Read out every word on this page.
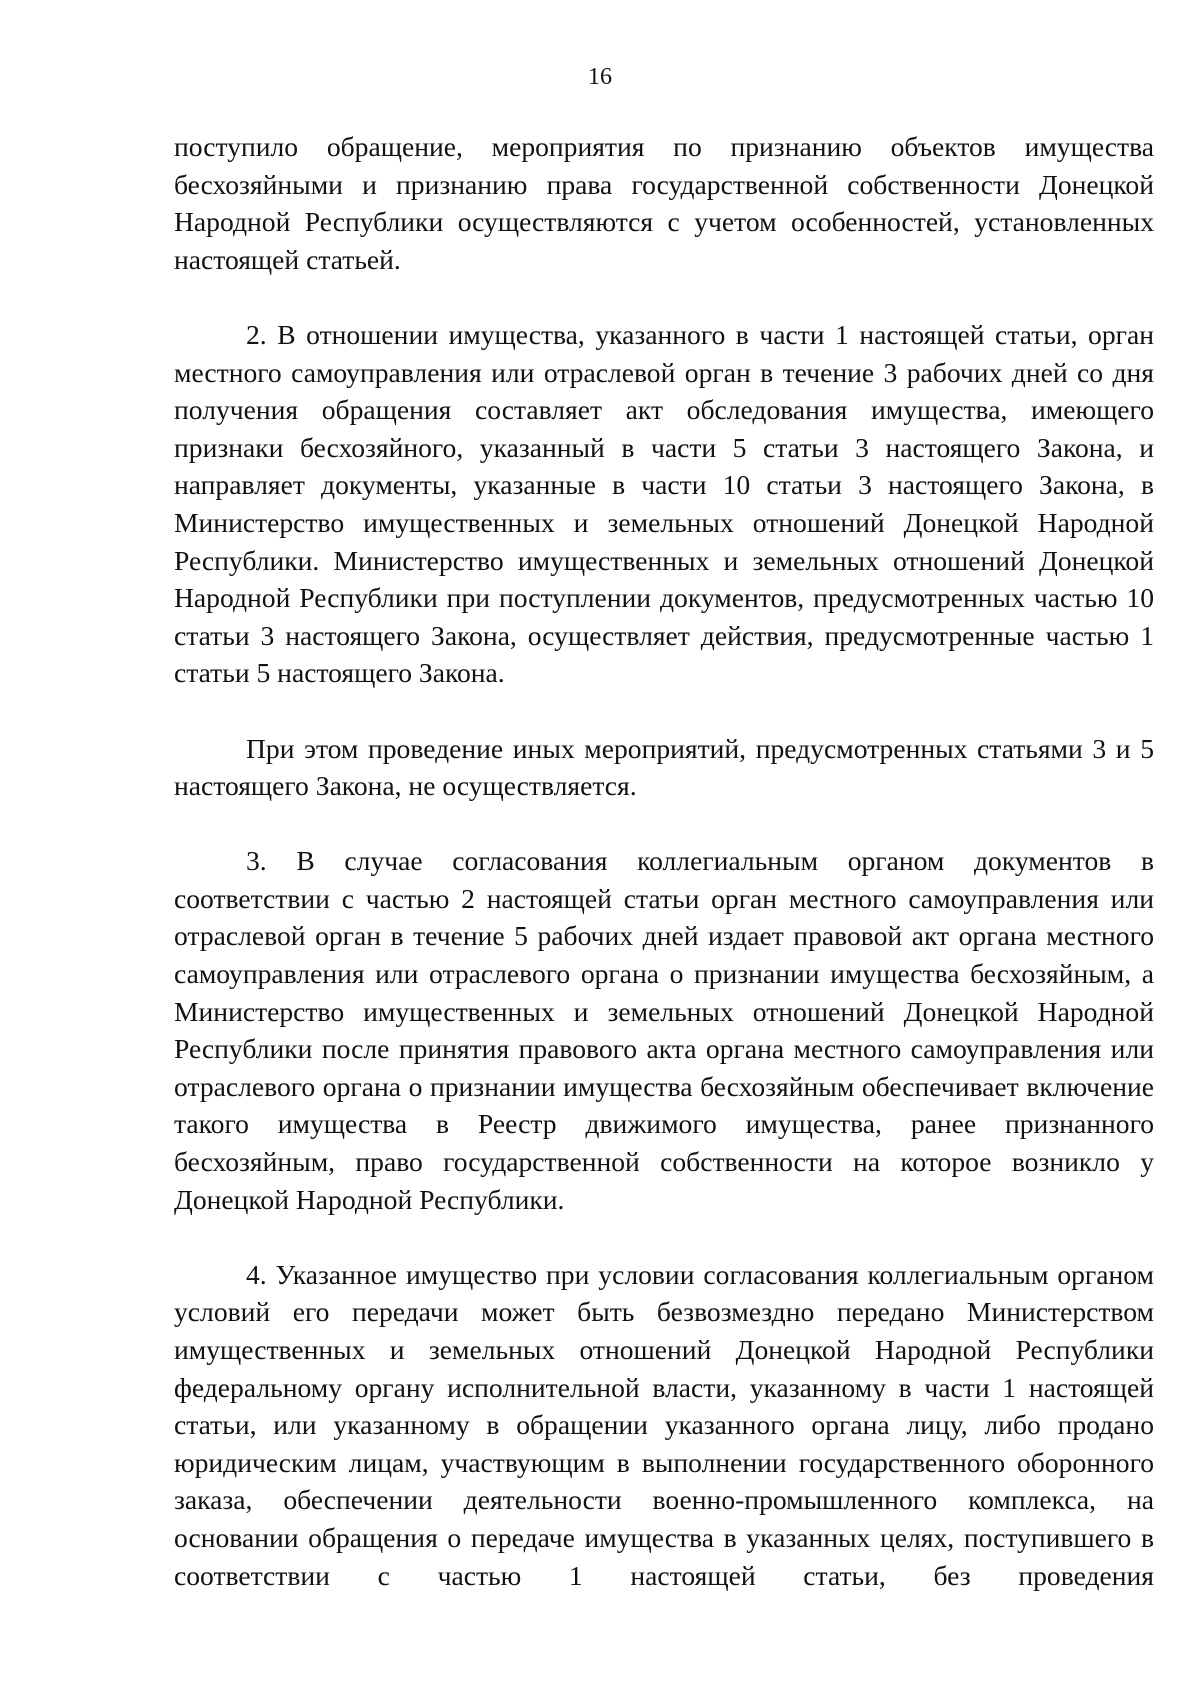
16

поступило обращение, мероприятия по признанию объектов имущества бесхозяйными и признанию права государственной собственности Донецкой Народной Республики осуществляются с учетом особенностей, установленных настоящей статьей.

2. В отношении имущества, указанного в части 1 настоящей статьи, орган местного самоуправления или отраслевой орган в течение 3 рабочих дней со дня получения обращения составляет акт обследования имущества, имеющего признаки бесхозяйного, указанный в части 5 статьи 3 настоящего Закона, и направляет документы, указанные в части 10 статьи 3 настоящего Закона, в Министерство имущественных и земельных отношений Донецкой Народной Республики. Министерство имущественных и земельных отношений Донецкой Народной Республики при поступлении документов, предусмотренных частью 10 статьи 3 настоящего Закона, осуществляет действия, предусмотренные частью 1 статьи 5 настоящего Закона.

При этом проведение иных мероприятий, предусмотренных статьями 3 и 5 настоящего Закона, не осуществляется.

3. В случае согласования коллегиальным органом документов в соответствии с частью 2 настоящей статьи орган местного самоуправления или отраслевой орган в течение 5 рабочих дней издает правовой акт органа местного самоуправления или отраслевого органа о признании имущества бесхозяйным, а Министерство имущественных и земельных отношений Донецкой Народной Республики после принятия правового акта органа местного самоуправления или отраслевого органа о признании имущества бесхозяйным обеспечивает включение такого имущества в Реестр движимого имущества, ранее признанного бесхозяйным, право государственной собственности на которое возникло у Донецкой Народной Республики.

4. Указанное имущество при условии согласования коллегиальным органом условий его передачи может быть безвозмездно передано Министерством имущественных и земельных отношений Донецкой Народной Республики федеральному органу исполнительной власти, указанному в части 1 настоящей статьи, или указанному в обращении указанного органа лицу, либо продано юридическим лицам, участвующим в выполнении государственного оборонного заказа, обеспечении деятельности военно-промышленного комплекса, на основании обращения о передаче имущества в указанных целях, поступившего в соответствии с частью 1 настоящей статьи, без проведения
